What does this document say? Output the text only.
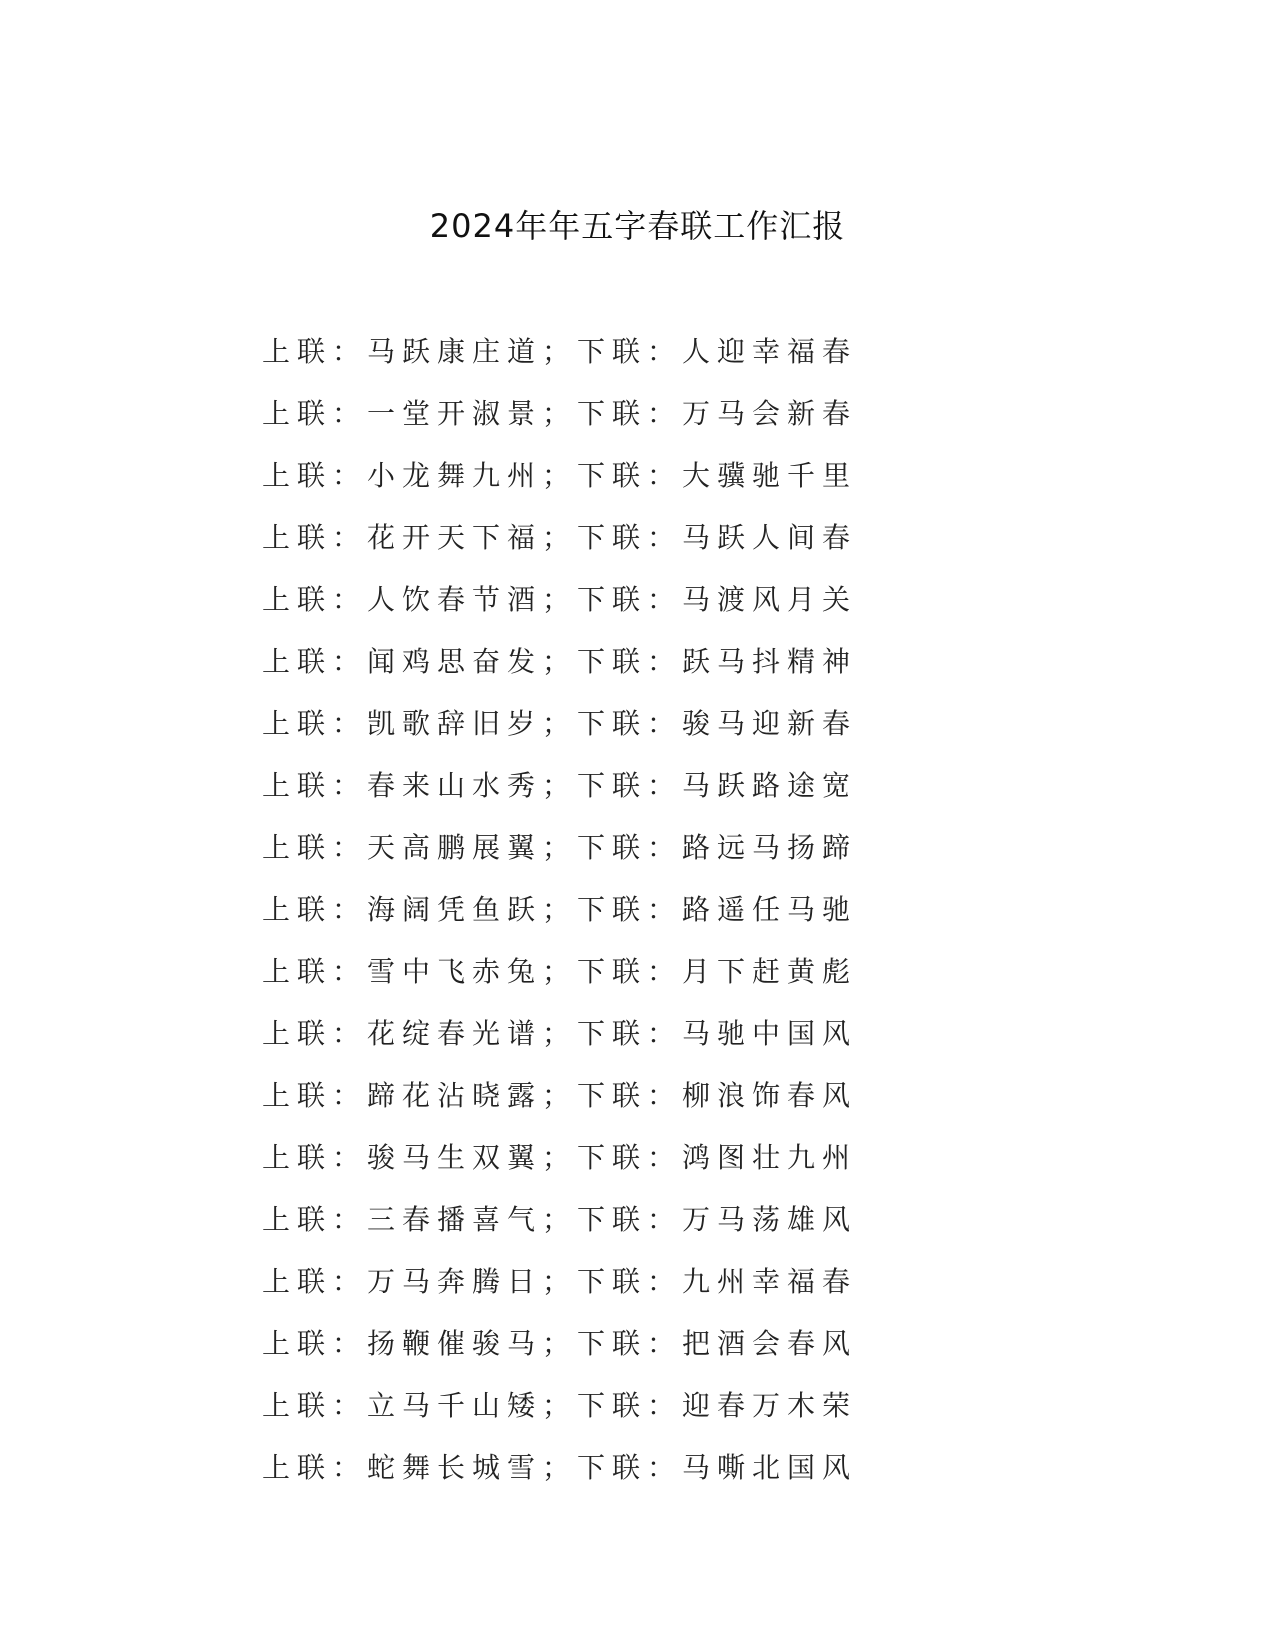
2024年年五字春联工作汇报
上联：马跃康庄道；下联：人迎幸福春
上联：一堂开淑景；下联：万马会新春
上联：小龙舞九州；下联：大骥驰千里
上联：花开天下福；下联：马跃人间春
上联：人饮春节酒；下联：马渡风月关
上联：闻鸡思奋发；下联：跃马抖精神
上联：凯歌辞旧岁；下联：骏马迎新春
上联：春来山水秀；下联：马跃路途宽
上联：天高鹏展翼；下联：路远马扬蹄
上联：海阔凭鱼跃；下联：路遥任马驰
上联：雪中飞赤兔；下联：月下赶黄彪
上联：花绽春光谱；下联：马驰中国风
上联：蹄花沾晓露；下联：柳浪饰春风
上联：骏马生双翼；下联：鸿图壮九州
上联：三春播喜气；下联：万马荡雄风
上联：万马奔腾日；下联：九州幸福春
上联：扬鞭催骏马；下联：把酒会春风
上联：立马千山矮；下联：迎春万木荣
上联：蛇舞长城雪；下联：马嘶北国风
